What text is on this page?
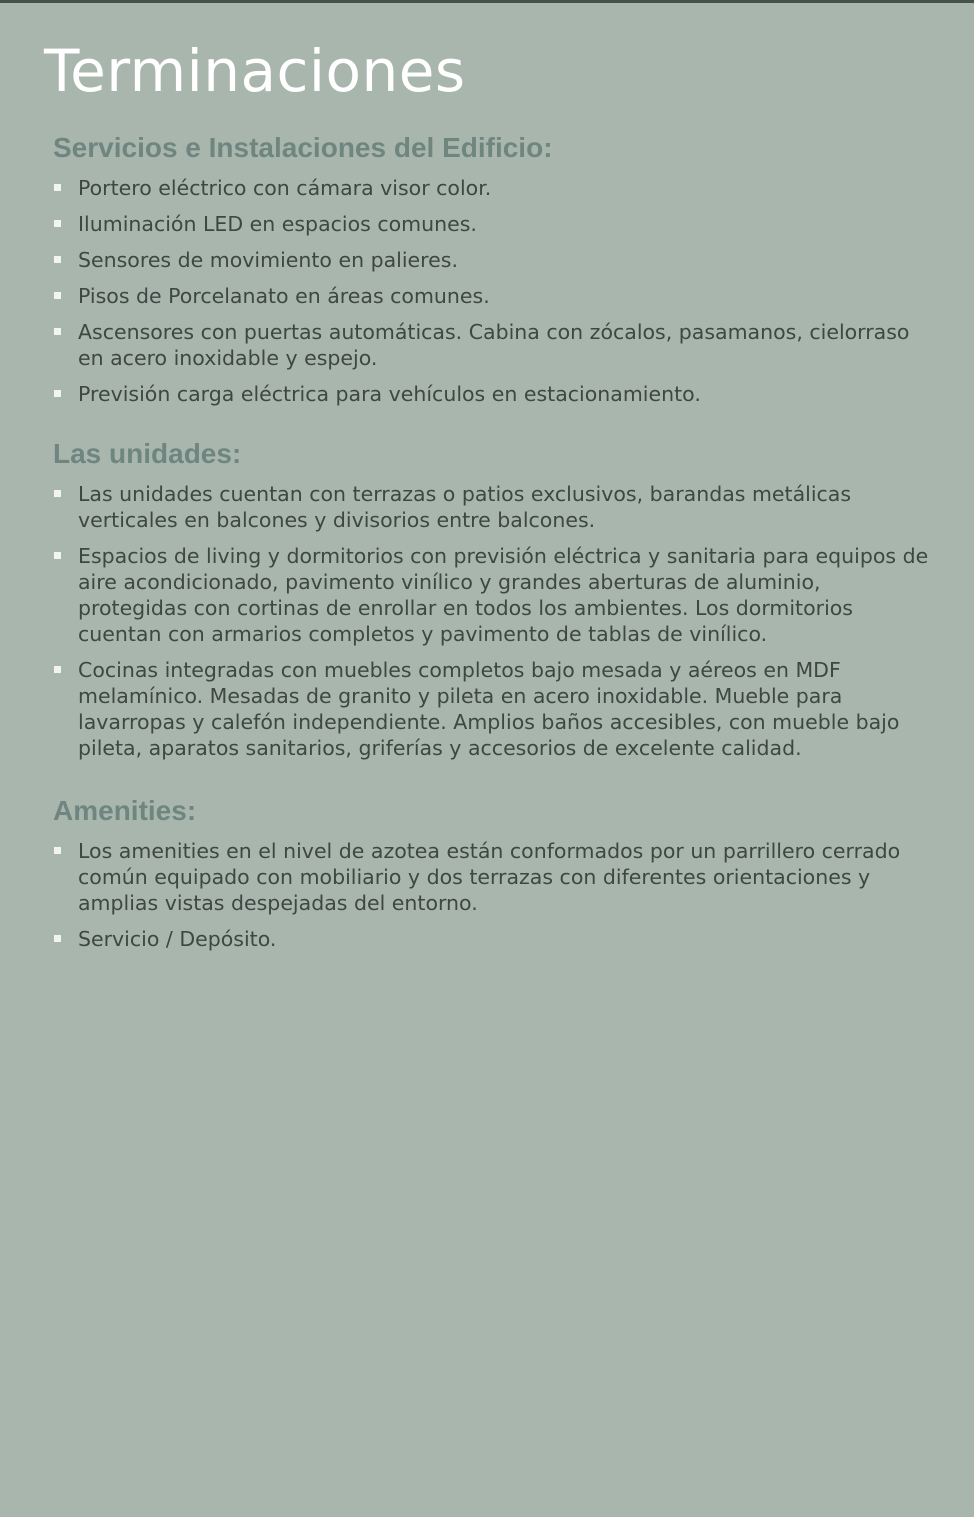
Terminaciones
Servicios e Instalaciones del Edificio:
Portero eléctrico con cámara visor color.
Iluminación LED en espacios comunes.
Sensores de movimiento en palieres.
Pisos de Porcelanato en áreas comunes.
Ascensores con puertas automáticas. Cabina con zócalos, pasamanos, cielorraso en acero inoxidable y espejo.
Previsión carga eléctrica para vehículos en estacionamiento.
Las unidades:
Las unidades cuentan con terrazas o patios exclusivos, barandas metálicas verticales en balcones y divisorios entre balcones.
Espacios de living y dormitorios con previsión eléctrica y sanitaria para equipos de aire acondicionado, pavimento vinílico y grandes aberturas de aluminio, protegidas con cortinas de enrollar en todos los ambientes. Los dormitorios cuentan con armarios completos y pavimento de tablas de vinílico.
Cocinas integradas con muebles completos bajo mesada y aéreos en MDF melamínico. Mesadas de granito y pileta en acero inoxidable. Mueble para lavarropas y calefón independiente. Amplios baños accesibles, con mueble bajo pileta, aparatos sanitarios, griferías y accesorios de excelente calidad.
Amenities:
Los amenities en el nivel de azotea están conformados por un parrillero cerrado común equipado con mobiliario y dos terrazas con diferentes orientaciones y amplias vistas despejadas del entorno.
Servicio / Depósito.
